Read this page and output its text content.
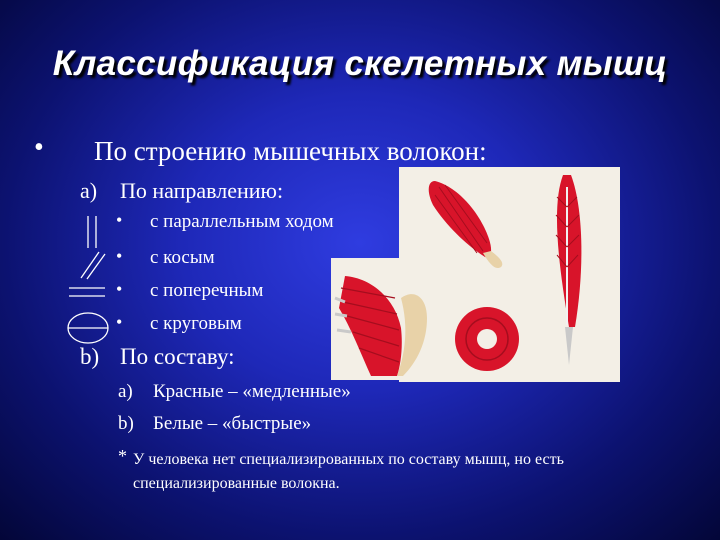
Классификация скелетных мышц
• По строению мышечных волокон:
a) По направлению:
• с параллельным ходом
• с косым
• с поперечным
• с круговым
b) По составу:
a) Красные – «медленные»
b) Белые – «быстрые»
* У человека нет специализированных по составу мышц, но есть специализированные волокна.
